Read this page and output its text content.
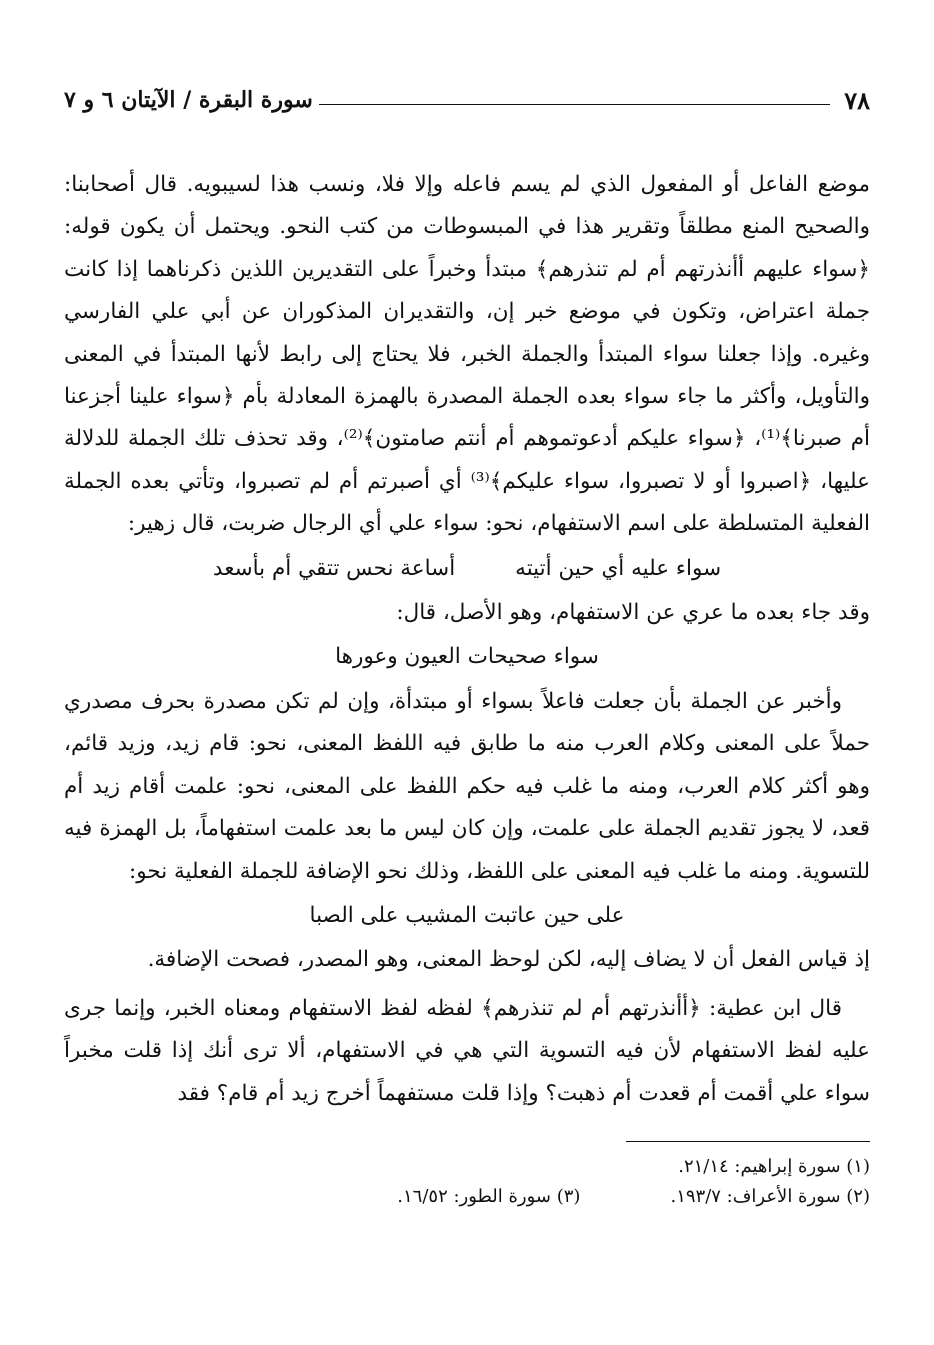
٧٨
سورة البقرة / الآيتان ٦ و ٧

موضع الفاعل أو المفعول الذي لم يسم فاعله وإلا فلا، ونسب هذا لسيبويه. قال أصحابنا: والصحيح المنع مطلقاً وتقرير هذا في المبسوطات من كتب النحو. ويحتمل أن يكون قوله: ﴿سواء عليهم أأنذرتهم أم لم تنذرهم﴾ مبتدأ وخبراً على التقديرين اللذين ذكرناهما إذا كانت جملة اعتراض، وتكون في موضع خبر إن، والتقديران المذكوران عن أبي علي الفارسي وغيره. وإذا جعلنا سواء المبتدأ والجملة الخبر، فلا يحتاج إلى رابط لأنها المبتدأ في المعنى والتأويل، وأكثر ما جاء سواء بعده الجملة المصدرة بالهمزة المعادلة بأم ﴿سواء علينا أجزعنا أم صبرنا﴾⁽¹⁾، ﴿سواء عليكم أدعوتموهم أم أنتم صامتون﴾⁽²⁾، وقد تحذف تلك الجملة للدلالة عليها، ﴿اصبروا أو لا تصبروا، سواء عليكم﴾⁽³⁾ أي أصبرتم أم لم تصبروا، وتأتي بعده الجملة الفعلية المتسلطة على اسم الاستفهام، نحو: سواء علي أي الرجال ضربت، قال زهير:

سواء عليه أي حين أتيته
أساعة نحس تتقي أم بأسعد

وقد جاء بعده ما عري عن الاستفهام، وهو الأصل، قال:

سواء صحيحات العيون وعورها

وأخبر عن الجملة بأن جعلت فاعلاً بسواء أو مبتدأة، وإن لم تكن مصدرة بحرف مصدري حملاً على المعنى وكلام العرب منه ما طابق فيه اللفظ المعنى، نحو: قام زيد، وزيد قائم، وهو أكثر كلام العرب، ومنه ما غلب فيه حكم اللفظ على المعنى، نحو: علمت أقام زيد أم قعد، لا يجوز تقديم الجملة على علمت، وإن كان ليس ما بعد علمت استفهاماً، بل الهمزة فيه للتسوية. ومنه ما غلب فيه المعنى على اللفظ، وذلك نحو الإضافة للجملة الفعلية نحو:

على حين عاتبت المشيب على الصبا

إذ قياس الفعل أن لا يضاف إليه، لكن لوحظ المعنى، وهو المصدر، فصحت الإضافة.

قال ابن عطية: ﴿أأنذرتهم أم لم تنذرهم﴾ لفظه لفظ الاستفهام ومعناه الخبر، وإنما جرى عليه لفظ الاستفهام لأن فيه التسوية التي هي في الاستفهام، ألا ترى أنك إذا قلت مخبراً سواء علي أقمت أم قعدت أم ذهبت؟ وإذا قلت مستفهماً أخرج زيد أم قام؟ فقد

(١) سورة إبراهيم: ٢١/١٤.
(٢) سورة الأعراف: ١٩٣/٧.
(٣) سورة الطور: ١٦/٥٢.
